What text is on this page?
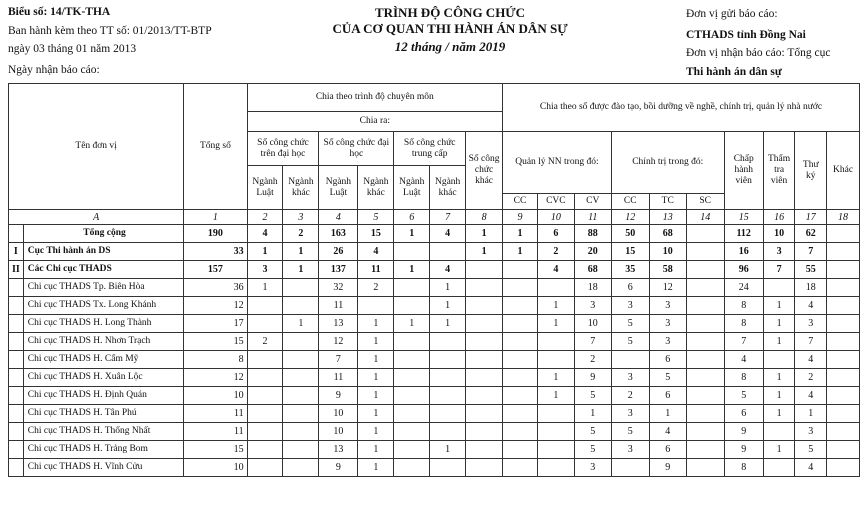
Biểu số: 14/TK-THA
Ban hành kèm theo TT số: 01/2013/TT-BTP
ngày 03 tháng 01 năm 2013
Ngày nhận báo cáo:
TRÌNH ĐỘ CÔNG CHỨC
CỦA CƠ QUAN THI HÀNH ÁN DÂN SỰ
12 tháng / năm 2019
Đơn vị gửi báo cáo:
CTHADS tỉnh Đồng Nai
Đơn vị nhận báo cáo: Tổng cục
Thi hành án dân sự
Tên đơn vị		Tổng số	Chia theo trình độ chuyên môn							Chia theo số được đào tạo, bồi dưỡng về nghề, chính trị, quản lý nhà nước									
			Chia ra:																
			Số công chức trên đại học		Số công chức đại học		Số công chức trung cấp		Số công chức khác	Quản lý NN trong đó:			Chính trị trong đó:			Chấp hành viên	Thẩm tra viên	Thư ký	Khác
			Ngành Luật	Ngành khác	Ngành Luật	Ngành khác	Ngành Luật	Ngành khác											
										CC	CVC	CV	CC	TC	SC				
A		1	2	3	4	5	6	7	8	9	10	11	12	13	14	15	16	17	18
	Tổng cộng	190	4	2	163	15	1	4	1	1	6	88	50	68		112	10	62	
I	Cục Thi hành án DS	33	1	1	26	4			1	1	2	20	15	10		16	3	7	
II	Các Chi cục THADS	157	3	1	137	11	1	4			4	68	35	58		96	7	55	
	Chi cục THADS Tp. Biên Hòa	36	1		32	2		1				18	6	12		24		18	
	Chi cục THADS Tx. Long Khánh	12			11			1			1	3	3	3		8	1	4	
	Chi cục THADS H. Long Thành	17		1	13	1	1	1			1	10	5	3		8	1	3	
	Chi cục THADS H. Nhơn Trạch	15	2		12	1						7	5	3		7	1	7	
	Chi cục THADS H. Cẩm Mỹ	8			7	1						2		6		4		4	
	Chi cục THADS H. Xuân Lộc	12			11	1					1	9	3	5		8	1	2	
	Chi cục THADS H. Định Quán	10			9	1					1	5	2	6		5	1	4	
	Chi cục THADS H. Tân Phú	11			10	1						1	3	1		6	1	1	
	Chi cục THADS H. Thống Nhất	11			10	1						5	5	4		9		3	
	Chi cục THADS H. Trảng Bom	15			13	1		1				5	3	6		9	1	5	
	Chi cục THADS H. Vĩnh Cửu	10			9	1						3		9		8		4	
